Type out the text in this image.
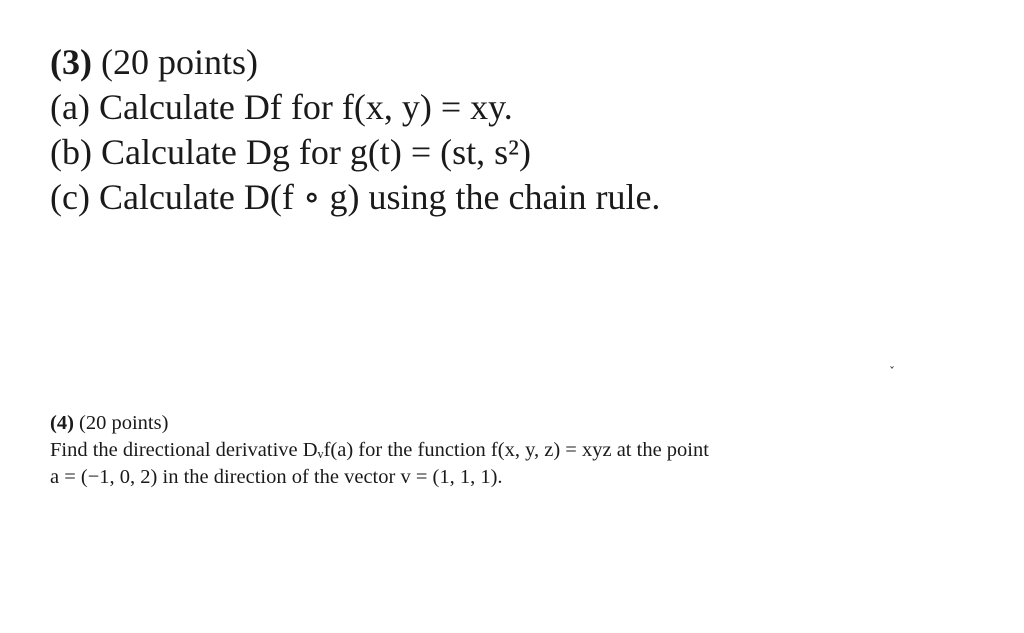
(3) (20 points)
(a) Calculate Df for f(x, y) = xy.
(b) Calculate Dg for g(t) = (st, s²)
(c) Calculate D(f ∘ g) using the chain rule.
ˇ
(4) (20 points)
Find the directional derivative Dᵥf(a) for the function f(x, y, z) = xyz at the point
a = (−1, 0, 2) in the direction of the vector v = (1, 1, 1).
